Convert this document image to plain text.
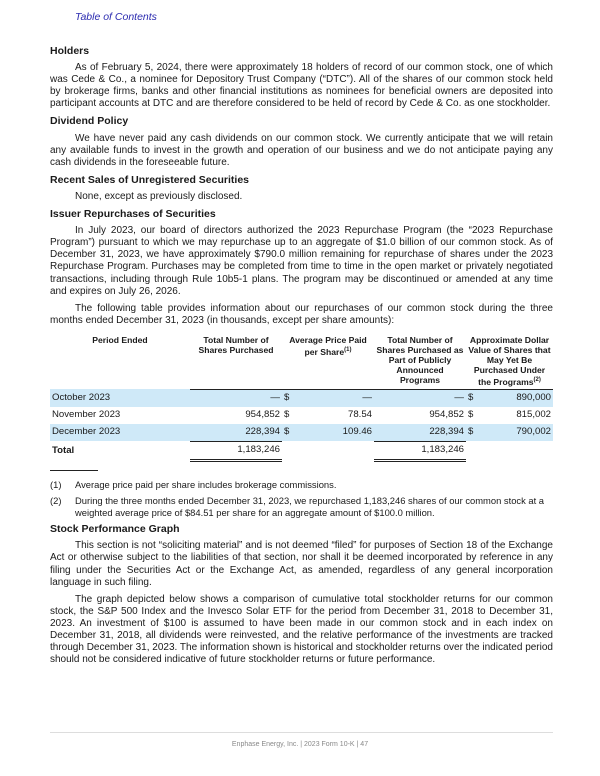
Table of Contents
Holders

As of February 5, 2024, there were approximately 18 holders of record of our common stock, one of which was Cede & Co., a nominee for Depository Trust Company (“DTC”). All of the shares of our common stock held by brokerage firms, banks and other financial institutions as nominees for beneficial owners are deposited into participant accounts at DTC and are therefore considered to be held of record by Cede & Co. as one stockholder.

Dividend Policy

We have never paid any cash dividends on our common stock. We currently anticipate that we will retain any available funds to invest in the growth and operation of our business and we do not anticipate paying any cash dividends in the foreseeable future.

Recent Sales of Unregistered Securities

None, except as previously disclosed.

Issuer Repurchases of Securities

In July 2023, our board of directors authorized the 2023 Repurchase Program (the “2023 Repurchase Program”) pursuant to which we may repurchase up to an aggregate of $1.0 billion of our common stock. As of December 31, 2023, we have approximately $790.0 million remaining for repurchase of shares under the 2023 Repurchase Program. Purchases may be completed from time to time in the open market or privately negotiated transactions, including through Rule 10b5-1 plans. The program may be discontinued or amended at any time and expires on July 26, 2026.

The following table provides information about our repurchases of our common stock during the three months ended December 31, 2023 (in thousands, except per share amounts):

Period Ended	Total Number of Shares Purchased	Average Price Paid per Share$^{(1)}$		Total Number of Shares Purchased as Part of Publicly Announced Programs	Approximate Dollar Value of Shares that May Yet Be Purchased Under the Programs$^{(2)}$
October 2023	—	$	—	—	$	890,000
November 2023	954,852	$	78.54	954,852	$	815,002
December 2023	228,394	$	109.46	228,394	$	790,002
Total	1,183,246			1,183,246		
(1)	Average price paid per share includes brokerage commissions.
(2)	During the three months ended December 31, 2023, we repurchased 1,183,246 shares of our common stock at a weighted average price of $84.51 per share for an aggregate amount of $100.0 million.
Stock Performance Graph

This section is not “soliciting material” and is not deemed “filed” for purposes of Section 18 of the Exchange Act or otherwise subject to the liabilities of that section, nor shall it be deemed incorporated by reference in any filing under the Securities Act or the Exchange Act, as amended, regardless of any general incorporation language in such filing.

The graph depicted below shows a comparison of cumulative total stockholder returns for our common stock, the S&P 500 Index and the Invesco Solar ETF for the period from December 31, 2018 to December 31, 2023. An investment of $100 is assumed to have been made in our common stock and in each index on December 31, 2018, all dividends were reinvested, and the relative performance of the investments are tracked through December 31, 2023. The information shown is historical and stockholder returns over the indicated period should not be considered indicative of future stockholder returns or future performance.

Enphase Energy, Inc. | 2023 Form 10-K | 47
